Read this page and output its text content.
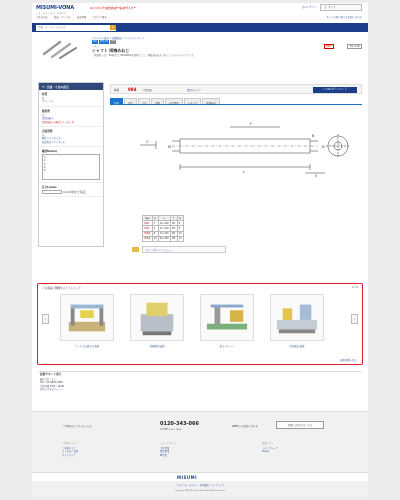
MISUMI-VONA
ミスミのオンラインカタログ
エンジニアのための“ものづくり”	☺ ログイン	🛒 カート
会社を知る	製品・サービス	技術情報	カタログ請求	サイト全般に関するお問い合わせ
型番・キーワードを入力
⚲
メカニカル部品 > 直動部品 > リニアシャフト >
即納	標準在庫	CAD
ミスミ
シャフト 両端めねじ
［両端加工品］ SUJ2およびSUS440Cを素材にして、両端部を様々に加工したリニアシャフトです。
PDF	P.1-119
☰ 仕様・寸法の指定
材質
鉄
ステンレス
熱処理
なし
高周波焼入
高周波焼入+硬質クロムめっき
表面処理
なし
硬質クロムめっき
低温黒色クロムめっき
軸径D(mm)
3
4
5
6
8
長さL(mm)
1mm単位で指定
価格 994	円(税抜)	数量スライド	⇩ CADダウンロード
型番	仕様	寸法	価格	技術情報	カタログ	関連商品
M
L
D
F
B
C
E
Type	D	L	F	B
SFJR	5	10~400	M3	8
SFJS	6	10~500	M3	8
PSFJR	8	15~600	M4	10
PSFJS	10	20~800	M5	12
フランジ付リニアブッシュ
この商品に関連するミスミコード	1 / 2
‹	›
フィルム位置合せ装置	基板搬送装置	加工ユニット	汎用組立装置
自動化事例一覧へ
技術サポート窓口
株式会社ミスミ
TEL：03-5805-7050
受付時間 9:00～18:00
お問い合わせフォーム
ご不明点がございましたら	0120-343-066
受付時間 9:00～18:00
WEBでのお問い合わせ	お問い合わせはこちら
ご利用について
ご利用ガイド
よくあるご質問
サイトマップ
ミスミについて
会社情報
採用情報
IR情報
関連サイト
ミスミグループ
meviy
MISUMI
プライバシーポリシー｜利用規約｜サイトマップ
Copyright MISUMI Corporation All Rights Reserved.
